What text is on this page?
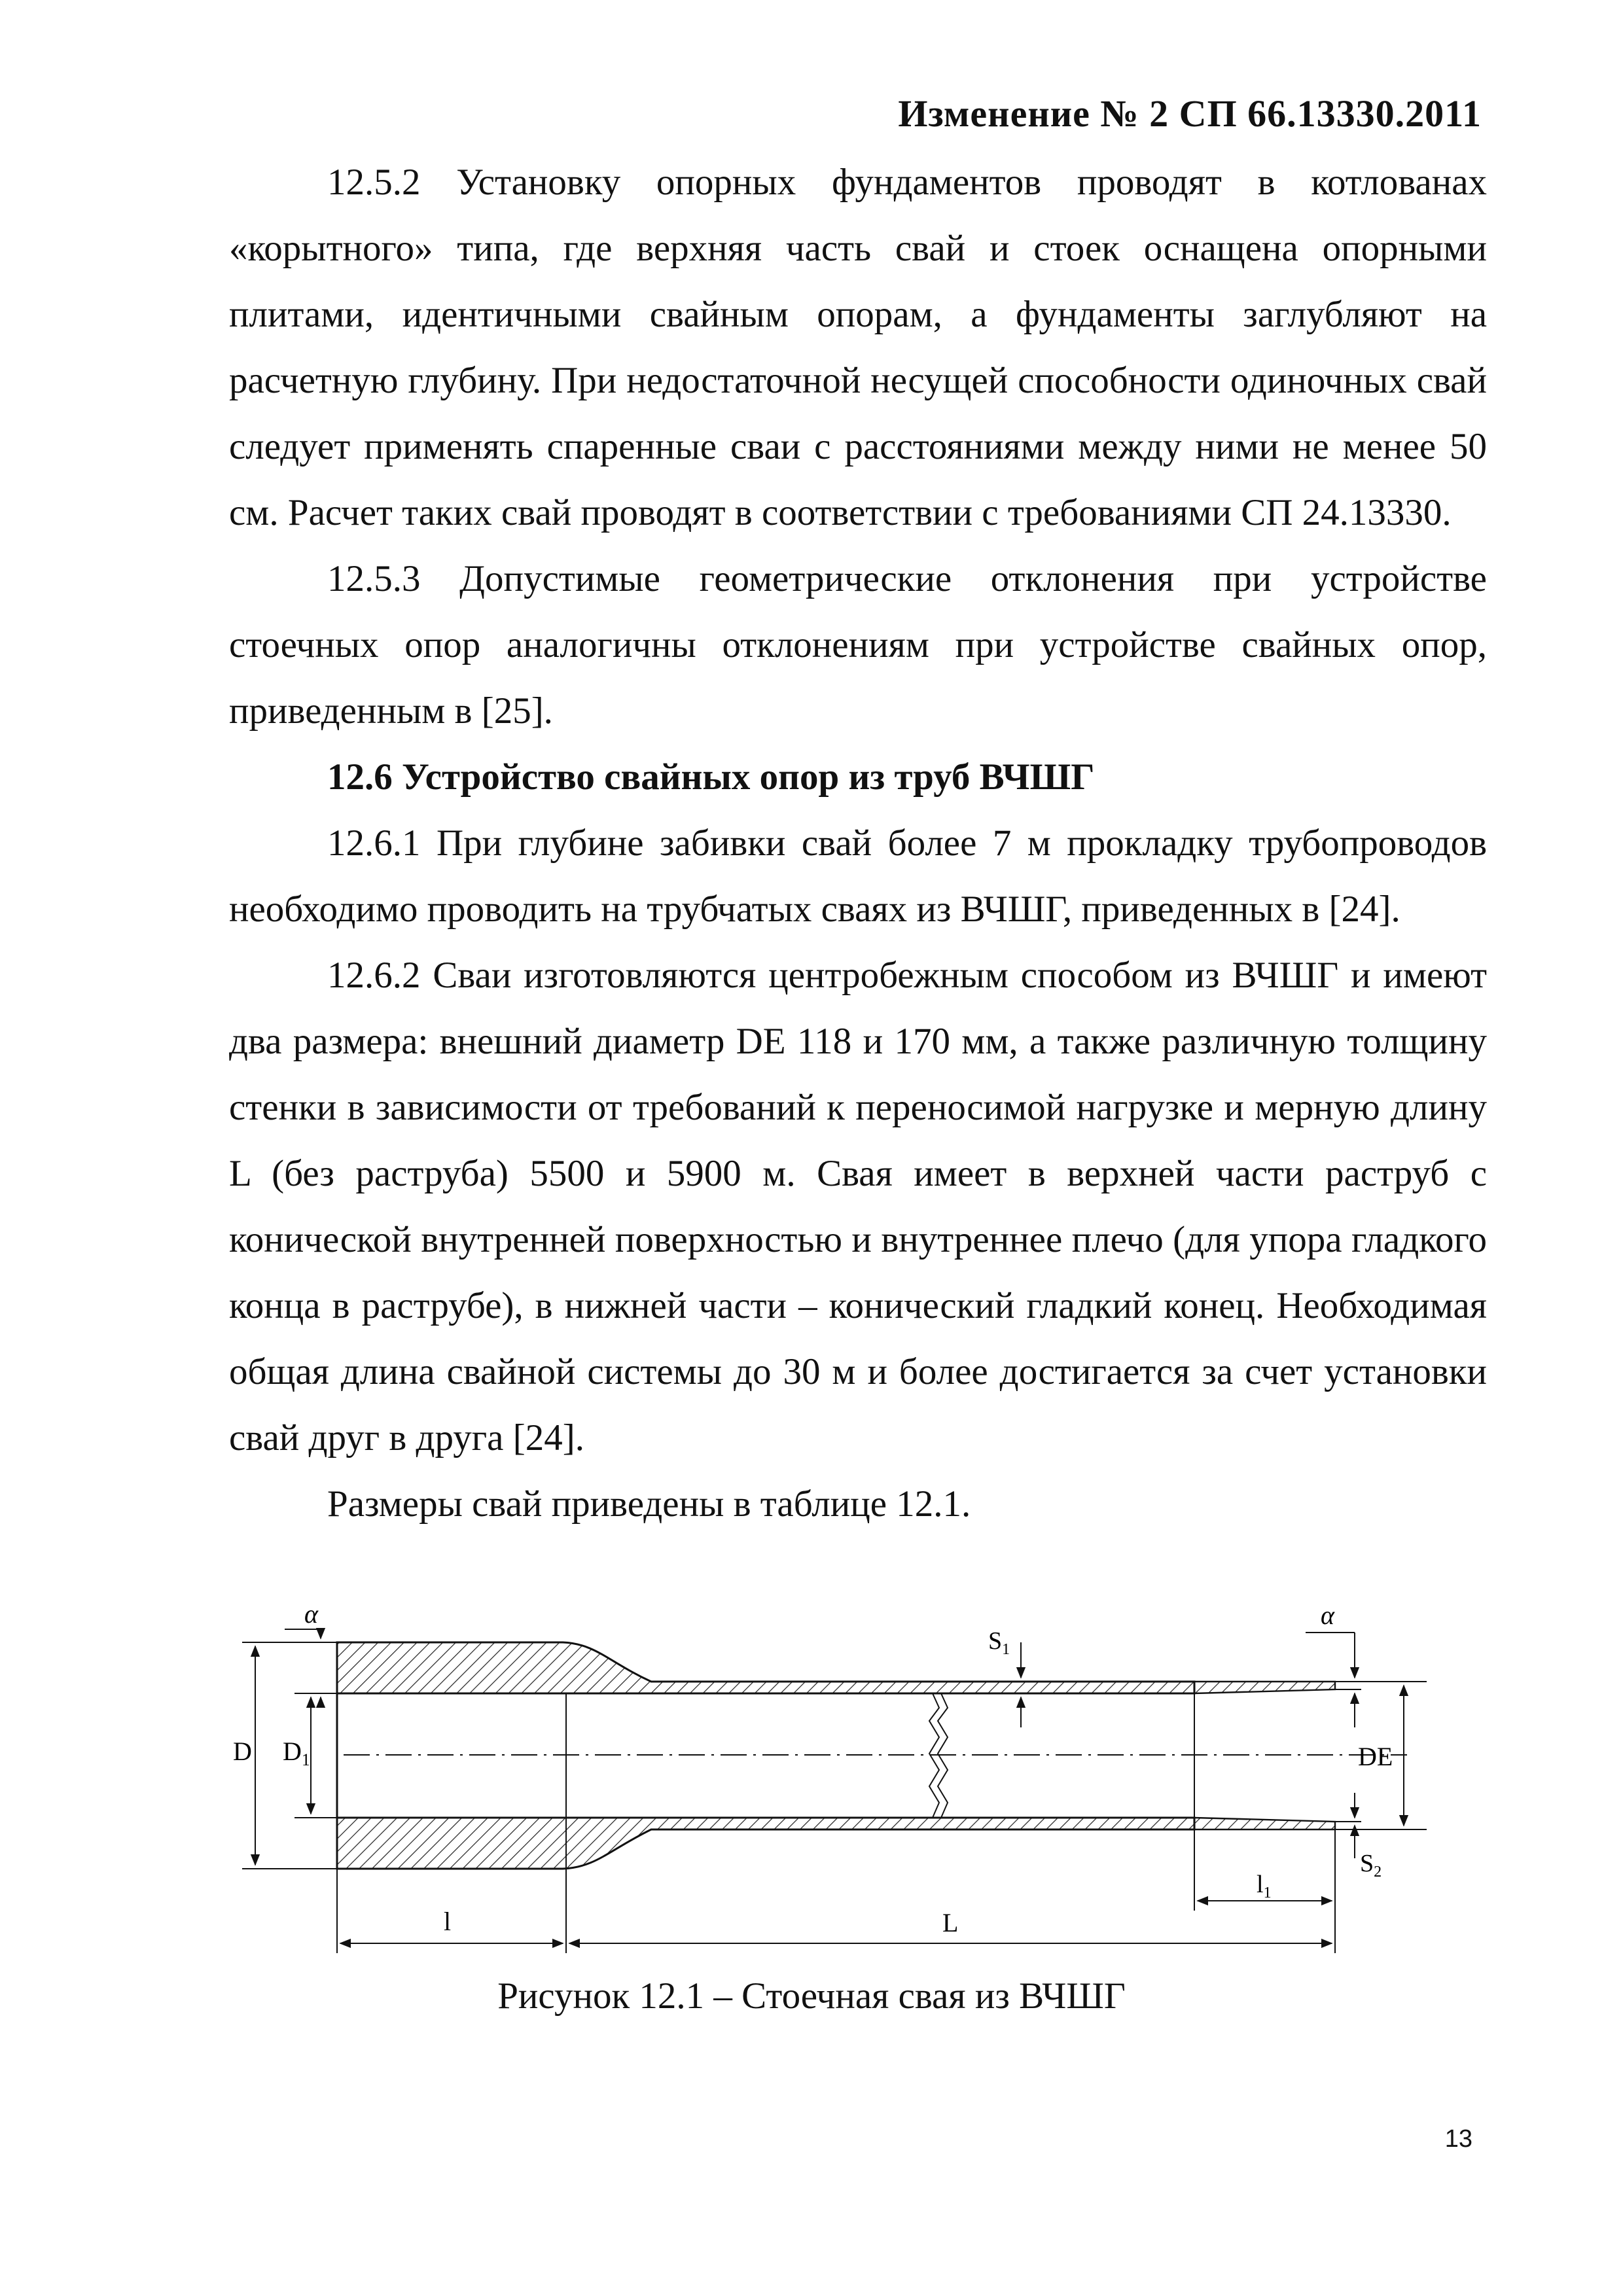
Изменение № 2 СП 66.13330.2011

12.5.2 Установку опорных фундаментов проводят в котлованах «корытного» типа, где верхняя часть свай и стоек оснащена опорными плитами, идентичными свайным опорам, а фундаменты заглубляют на расчетную глубину. При недостаточной несущей способности одиночных свай следует применять спаренные сваи с расстояниями между ними не менее 50 см. Расчет таких свай проводят в соответствии с требованиями СП 24.13330.

12.5.3 Допустимые геометрические отклонения при устройстве стоечных опор аналогичны отклонениям при устройстве свайных опор, приведенным в [25].

12.6 Устройство свайных опор из труб ВЧШГ

12.6.1 При глубине забивки свай более 7 м прокладку трубопроводов необходимо проводить на трубчатых сваях из ВЧШГ, приведенных в [24].

12.6.2 Сваи изготовляются центробежным способом из ВЧШГ и имеют два размера: внешний диаметр DE 118 и 170 мм, а также различную толщину стенки в зависимости от требований к переносимой нагрузке и мерную длину L (без раструба) 5500 и 5900 м. Свая имеет в верхней части раструб с конической внутренней поверхностью и внутреннее плечо (для упора гладкого конца в раструбе), в нижней части – конический гладкий конец. Необходимая общая длина свайной системы до 30 м и более достигается за счет установки свай друг в друга [24].

Размеры свай приведены в таблице 12.1.

D $D_1$
α
$S_1$
α
DE
$S_2$
l	L
$l_1$
Рисунок 12.1 – Стоечная свая из ВЧШГ
13
